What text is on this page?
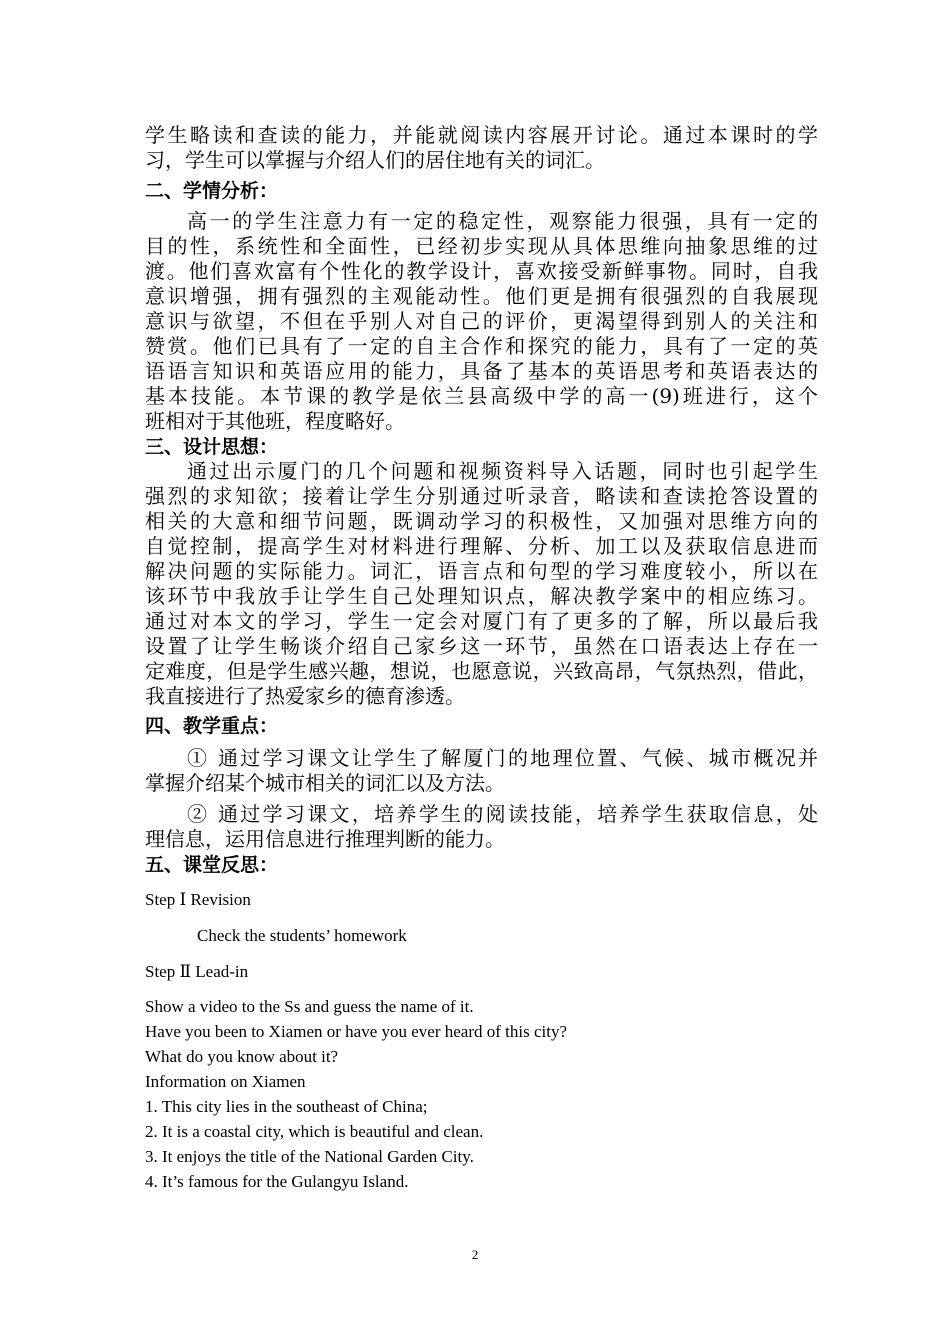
学生略读和查读的能力，并能就阅读内容展开讨论。通过本课时的学
习，学生可以掌握与介绍人们的居住地有关的词汇。
二、学情分析：
高一的学生注意力有一定的稳定性，观察能力很强，具有一定的
目的性，系统性和全面性，已经初步实现从具体思维向抽象思维的过
渡。他们喜欢富有个性化的教学设计，喜欢接受新鲜事物。同时，自我
意识增强，拥有强烈的主观能动性。他们更是拥有很强烈的自我展现
意识与欲望，不但在乎别人对自己的评价，更渴望得到别人的关注和
赞赏。他们已具有了一定的自主合作和探究的能力，具有了一定的英
语语言知识和英语应用的能力，具备了基本的英语思考和英语表达的
基本技能。本节课的教学是依兰县高级中学的高一(9)班进行，这个
班相对于其他班，程度略好。
三、设计思想：
通过出示厦门的几个问题和视频资料导入话题，同时也引起学生
强烈的求知欲；接着让学生分别通过听录音，略读和查读抢答设置的
相关的大意和细节问题，既调动学习的积极性，又加强对思维方向的
自觉控制，提高学生对材料进行理解、分析、加工以及获取信息进而
解决问题的实际能力。词汇，语言点和句型的学习难度较小，所以在
该环节中我放手让学生自己处理知识点，解决教学案中的相应练习。
通过对本文的学习，学生一定会对厦门有了更多的了解，所以最后我
设置了让学生畅谈介绍自己家乡这一环节，虽然在口语表达上存在一
定难度，但是学生感兴趣，想说，也愿意说，兴致高昂，气氛热烈，借此，
我直接进行了热爱家乡的德育渗透。
四、教学重点：
① 通过学习课文让学生了解厦门的地理位置、气候、城市概况并
掌握介绍某个城市相关的词汇以及方法。
② 通过学习课文，培养学生的阅读技能，培养学生获取信息，处
理信息，运用信息进行推理判断的能力。
五、课堂反思：
Step Ⅰ Revision
Check the students’ homework
Step Ⅱ Lead-in
Show a video to the Ss and guess the name of it.
Have you been to Xiamen or have you ever heard of this city?
What do you know about it?
Information on Xiamen
1. This city lies in the southeast of China;
2. It is a coastal city, which is beautiful and clean.
3. It enjoys the title of the National Garden City.
4. It’s famous for the Gulangyu Island.
2
